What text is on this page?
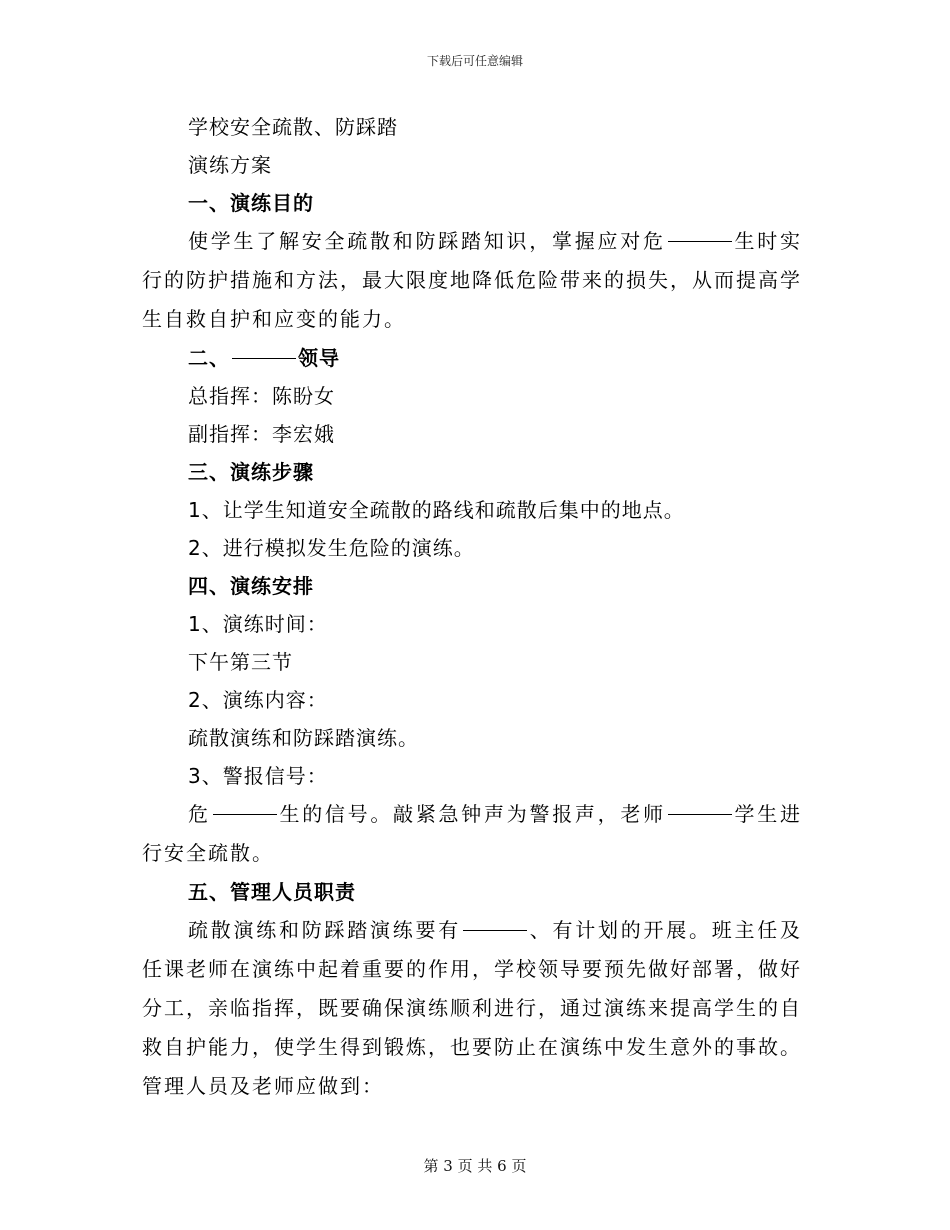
下载后可任意编辑
学校安全疏散、防踩踏
演练方案
一、演练目的
使学生了解安全疏散和防踩踏知识，掌握应对危	生时实行的防护措施和方法，最大限度地降低危险带来的损失，从而提高学生自救自护和应变的能力。
二、	领导
总指挥：陈盼女
副指挥：李宏娥
三、演练步骤
1、让学生知道安全疏散的路线和疏散后集中的地点。
2、进行模拟发生危险的演练。
四、演练安排
1、演练时间：
下午第三节
2、演练内容：
疏散演练和防踩踏演练。
3、警报信号：
危	生的信号。敲紧急钟声为警报声，老师	学生进行安全疏散。
五、管理人员职责
疏散演练和防踩踏演练要有	、有计划的开展。班主任及任课老师在演练中起着重要的作用，学校领导要预先做好部署，做好分工，亲临指挥，既要确保演练顺利进行，通过演练来提高学生的自救自护能力，使学生得到锻炼，也要防止在演练中发生意外的事故。管理人员及老师应做到：
第 3 页 共 6 页
